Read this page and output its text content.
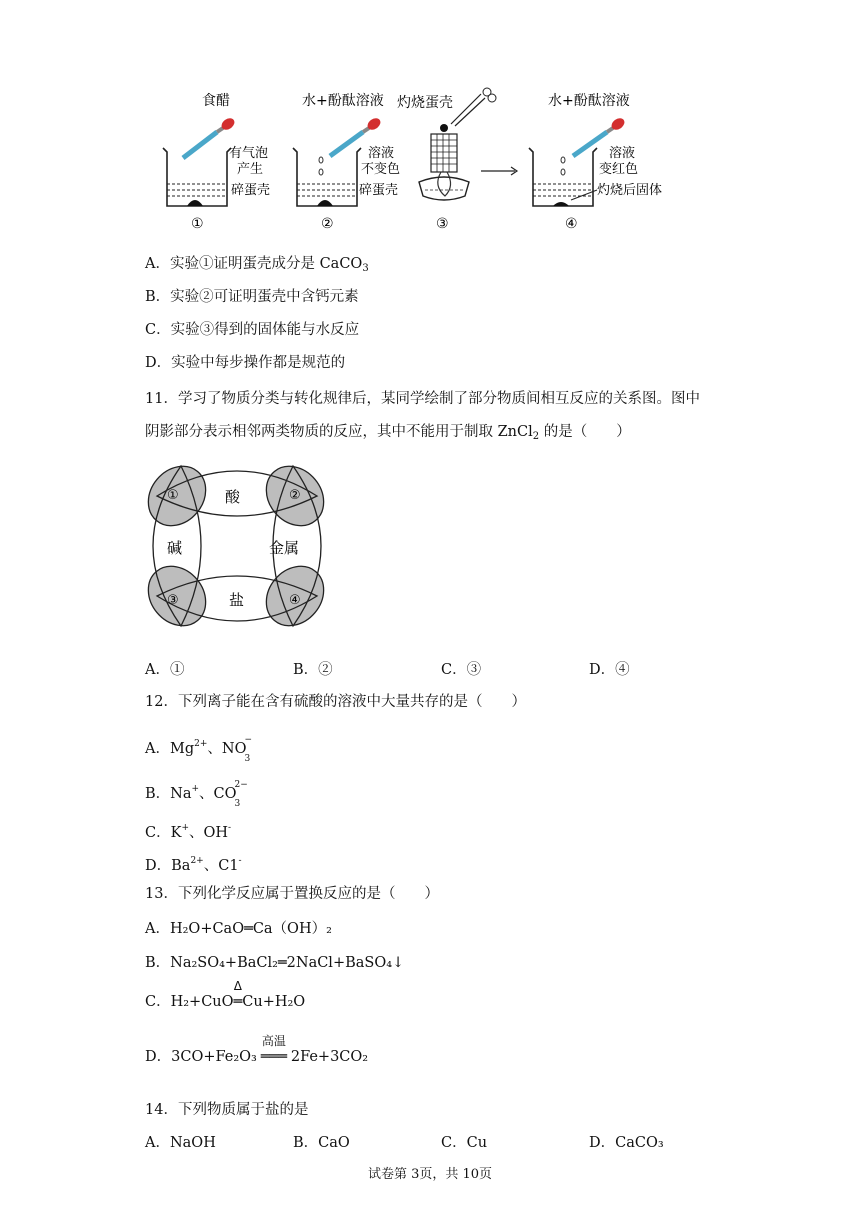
食醋
有气泡
产生
碎蛋壳
①
水+酚酞溶液
溶液
不变色
碎蛋壳
②
灼烧蛋壳
③
水+酚酞溶液
溶液
变红色
灼烧后固体
④
A．实验①证明蛋壳成分是 CaCO$_3$
B．实验②可证明蛋壳中含钙元素
C．实验③得到的固体能与水反应
D．实验中每步操作都是规范的
11．学习了物质分类与转化规律后，某同学绘制了部分物质间相互反应的关系图。图中
阴影部分表示相邻两类物质的反应，其中不能用于制取 ZnCl$_2$ 的是（　　）
酸
碱	金属
盐
①	②
③	④
A．①	B．②	C．③	D．④
12．下列离子能在含有硫酸的溶液中大量共存的是（　　）
A．$Mg^{2+}$、NO
−
3
B．Na+、CO
2−
3
C．K+、OH-
D．$Ba^{2+}$、C1-
13．下列化学反应属于置换反应的是（　　）
A．H₂O+CaO═Ca（OH）₂
B．Na₂SO₄+BaCl₂═2NaCl+BaSO₄↓
C．H₂+CuO
Δ
═Cu+H₂O
D．3CO+Fe₂O₃
高温
═══ 2Fe+3CO₂
14．下列物质属于盐的是
A．NaOH	B．CaO	C．Cu	D．CaCO₃
试卷第 3页，共 10页
